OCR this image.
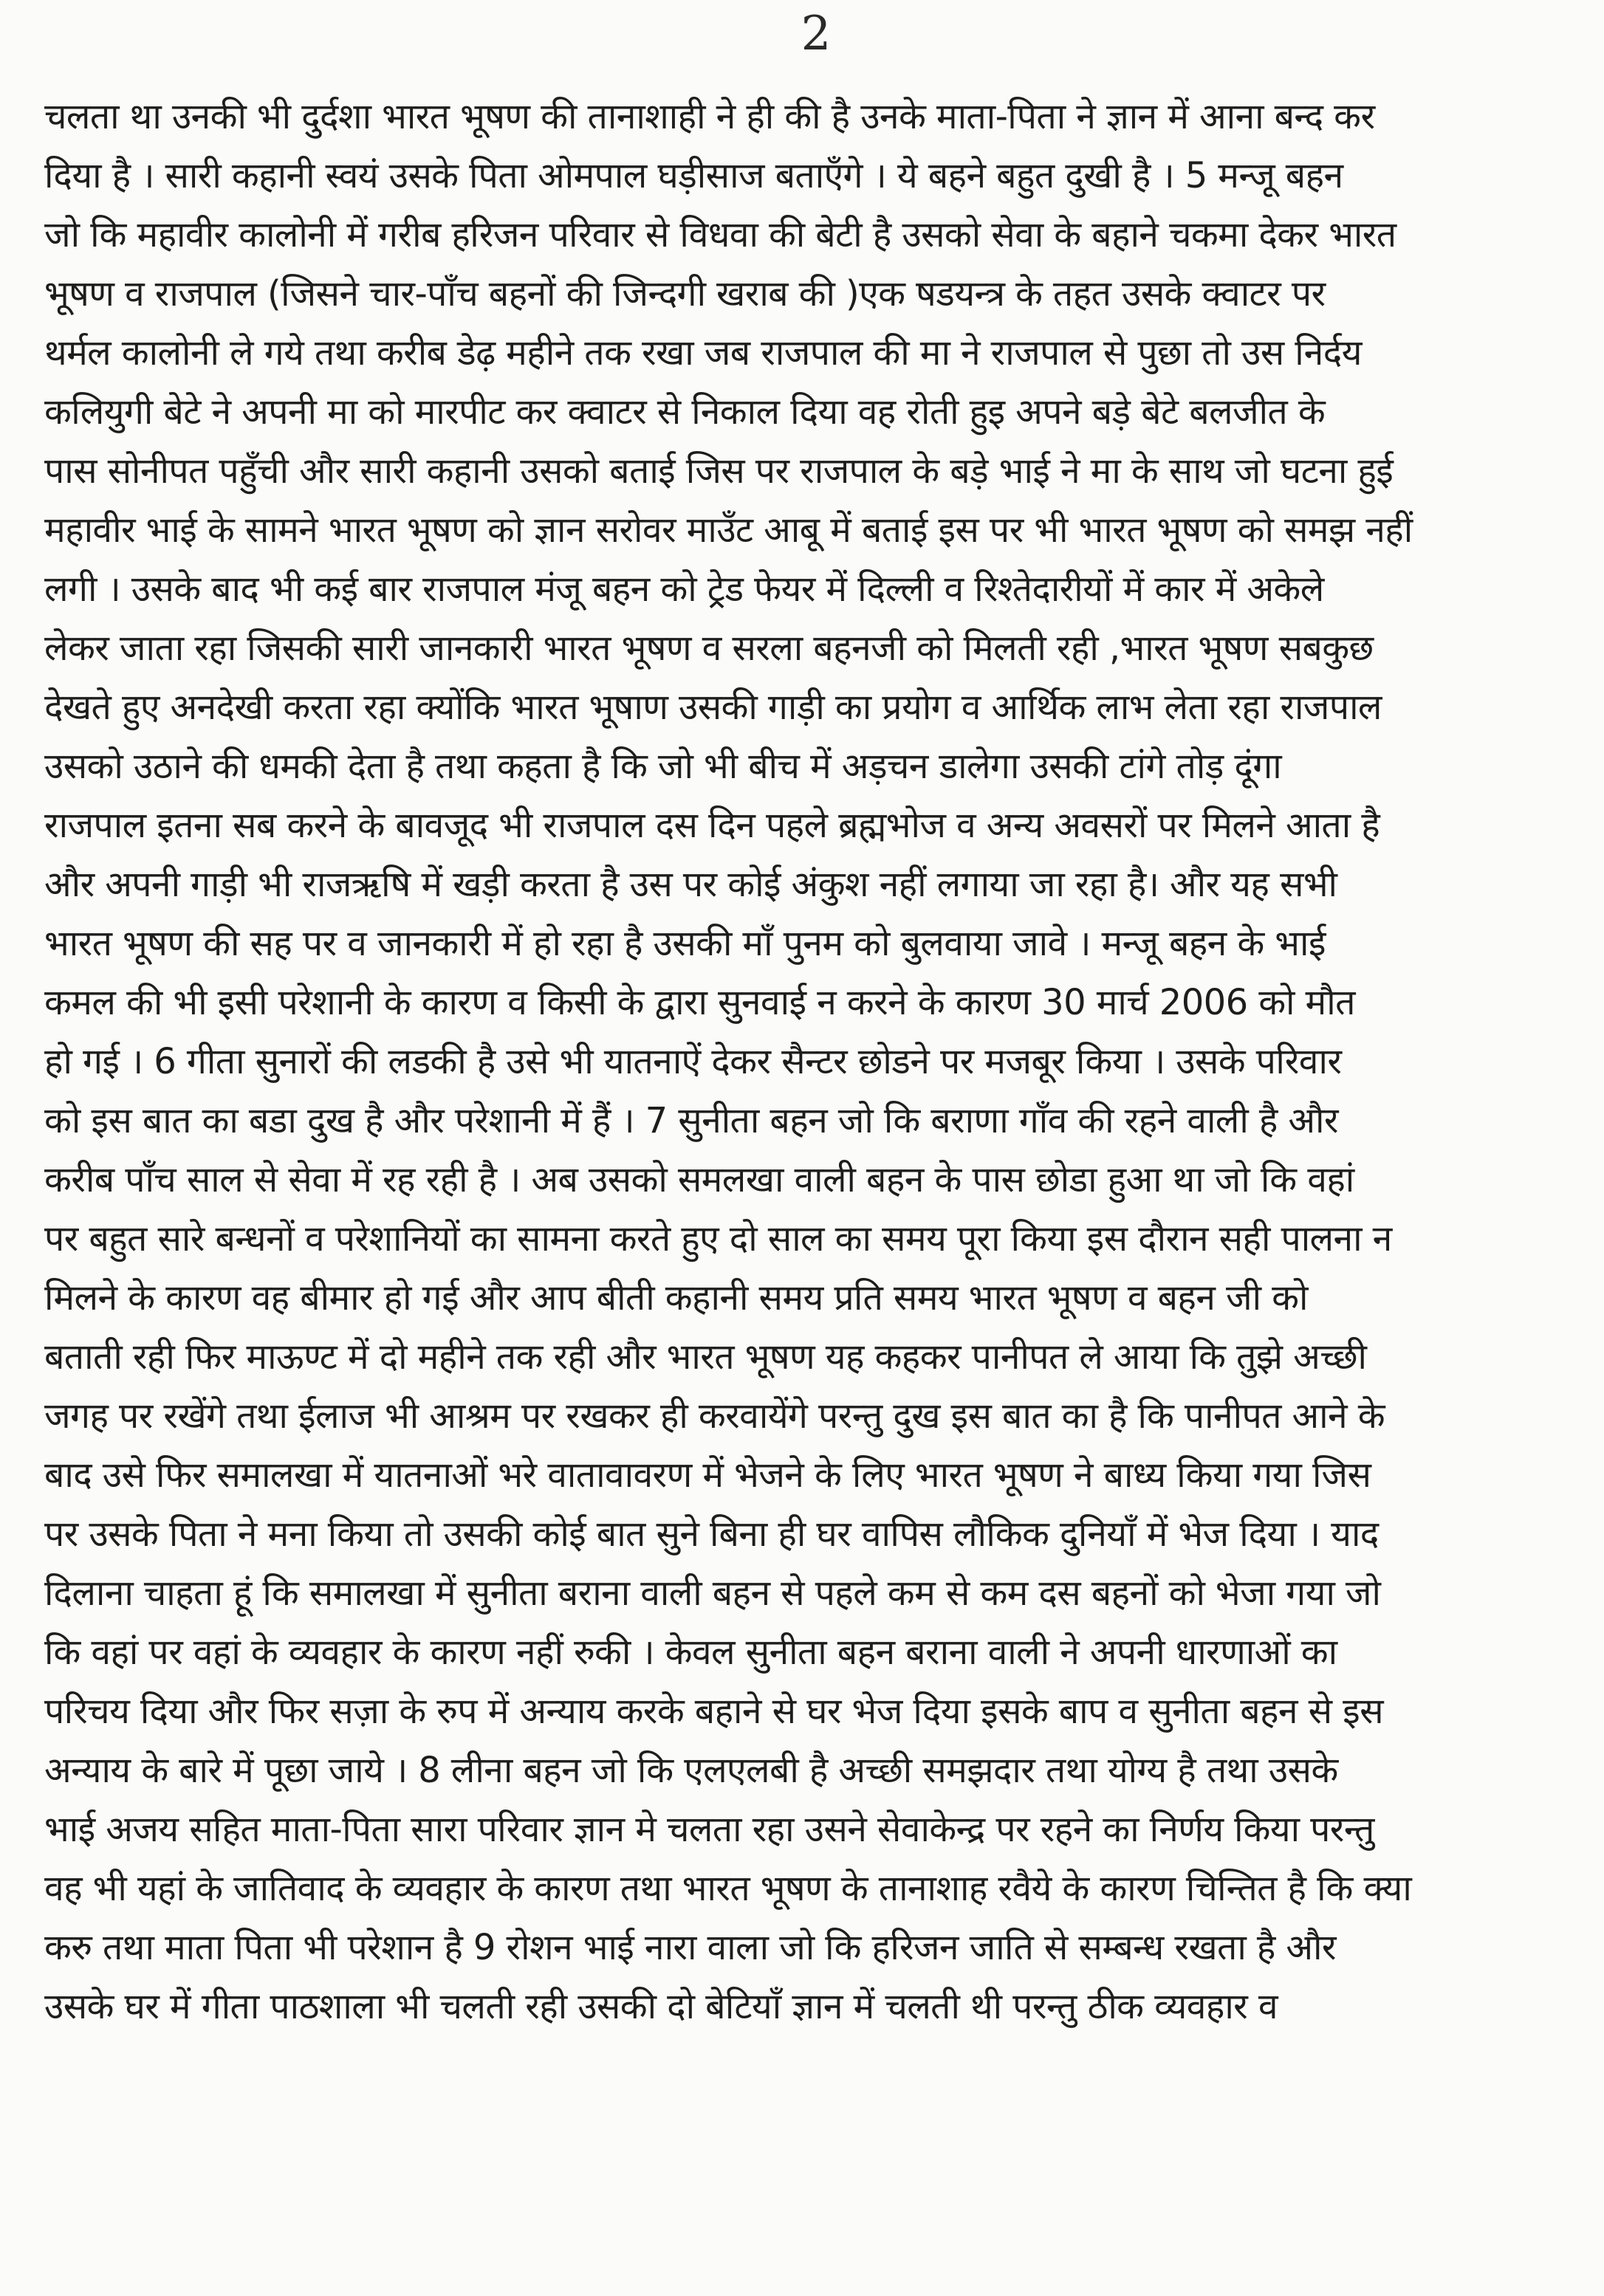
2
चलता था उनकी भी दुर्दशा भारत भूषण की तानाशाही ने ही की है उनके माता-पिता ने ज्ञान में आना बन्द कर
दिया है । सारी कहानी स्वयं उसके पिता ओमपाल घड़ीसाज बताएँगे । ये बहने बहुत दुखी है । 5 मन्जू बहन
जो कि महावीर कालोनी में गरीब हरिजन परिवार से विधवा की बेटी है उसको सेवा के बहाने चकमा देकर भारत
भूषण व राजपाल (जिसने चार-पाँच बहनों की जिन्दगी खराब की )एक षडयन्त्र के तहत उसके क्वाटर पर
थर्मल कालोनी ले गये तथा करीब डेढ़ महीने तक रखा जब राजपाल की मा ने राजपाल से पुछा तो उस निर्दय
कलियुगी बेटे ने अपनी मा को मारपीट कर क्वाटर से निकाल दिया वह रोती हुइ अपने बड़े बेटे बलजीत के
पास सोनीपत पहुँची और सारी कहानी उसको बताई जिस पर राजपाल के बड़े भाई ने मा के साथ जो घटना हुई
महावीर भाई के सामने भारत भूषण को ज्ञान सरोवर माउँट आबू में बताई इस पर भी भारत भूषण को समझ नहीं
लगी । उसके बाद भी कई बार राजपाल मंजू बहन को ट्रेड फेयर में दिल्ली व रिश्तेदारीयों में कार में अकेले
लेकर जाता रहा जिसकी सारी जानकारी भारत भूषण व सरला बहनजी को मिलती रही ,भारत भूषण सबकुछ
देखते हुए अनदेखी करता रहा क्योंकि भारत भूषाण उसकी गाड़ी का प्रयोग व आर्थिक लाभ लेता रहा राजपाल
उसको उठाने की धमकी देता है तथा कहता है कि जो भी बीच में अड़चन डालेगा उसकी टांगे तोड़ दूंगा
राजपाल इतना सब करने के बावजूद भी राजपाल दस दिन पहले ब्रह्मभोज व अन्य अवसरों पर मिलने आता है
और अपनी गाड़ी भी राजऋषि में खड़ी करता है उस पर कोई अंकुश नहीं लगाया जा रहा है। और यह सभी
भारत भूषण की सह पर व जानकारी में हो रहा है उसकी माँ पुनम को बुलवाया जावे । मन्जू बहन के भाई
कमल की भी इसी परेशानी के कारण व किसी के द्वारा सुनवाई न करने के कारण 30 मार्च 2006 को मौत
हो गई । 6 गीता सुनारों की लडकी है उसे भी यातनाऐं देकर सैन्टर छोडने पर मजबूर किया । उसके परिवार
को इस बात का बडा दुख है और परेशानी में हैं । 7 सुनीता बहन जो कि बराणा गाँव की रहने वाली है और
करीब पाँच साल से सेवा में रह रही है । अब उसको समलखा वाली बहन के पास छोडा हुआ था जो कि वहां
पर बहुत सारे बन्धनों व परेशानियों का सामना करते हुए दो साल का समय पूरा किया इस दौरान सही पालना न
मिलने के कारण वह बीमार हो गई और आप बीती कहानी समय प्रति समय भारत भूषण व बहन जी को
बताती रही फिर माऊण्ट में दो महीने तक रही और भारत भूषण यह कहकर पानीपत ले आया कि तुझे अच्छी
जगह पर रखेंगे तथा ईलाज भी आश्रम पर रखकर ही करवायेंगे परन्तु दुख इस बात का है कि पानीपत आने के
बाद उसे फिर समालखा में यातनाओं भरे वातावावरण में भेजने के लिए भारत भूषण ने बाध्य किया गया जिस
पर उसके पिता ने मना किया तो उसकी कोई बात सुने बिना ही घर वापिस लौकिक दुनियाँ में भेज दिया । याद
दिलाना चाहता हूं कि समालखा में सुनीता बराना वाली बहन से पहले कम से कम दस बहनों को भेजा गया जो
कि वहां पर वहां के व्यवहार के कारण नहीं रुकी । केवल सुनीता बहन बराना वाली ने अपनी धारणाओं का
परिचय दिया और फिर सज़ा के रुप में अन्याय करके बहाने से घर भेज दिया इसके बाप व सुनीता बहन से इस
अन्याय के बारे में पूछा जाये । 8 लीना बहन जो कि एलएलबी है अच्छी समझदार तथा योग्य है तथा उसके
भाई अजय सहित माता-पिता सारा परिवार ज्ञान मे चलता रहा उसने सेवाकेन्द्र पर रहने का निर्णय किया परन्तु
वह भी यहां के जातिवाद के व्यवहार के कारण तथा भारत भूषण के तानाशाह रवैये के कारण चिन्तित है कि क्या
करु तथा माता पिता भी परेशान है 9 रोशन भाई नारा वाला जो कि हरिजन जाति से सम्बन्ध रखता है और
उसके घर में गीता पाठशाला भी चलती रही उसकी दो बेटियाँ ज्ञान में चलती थी परन्तु ठीक व्यवहार व
